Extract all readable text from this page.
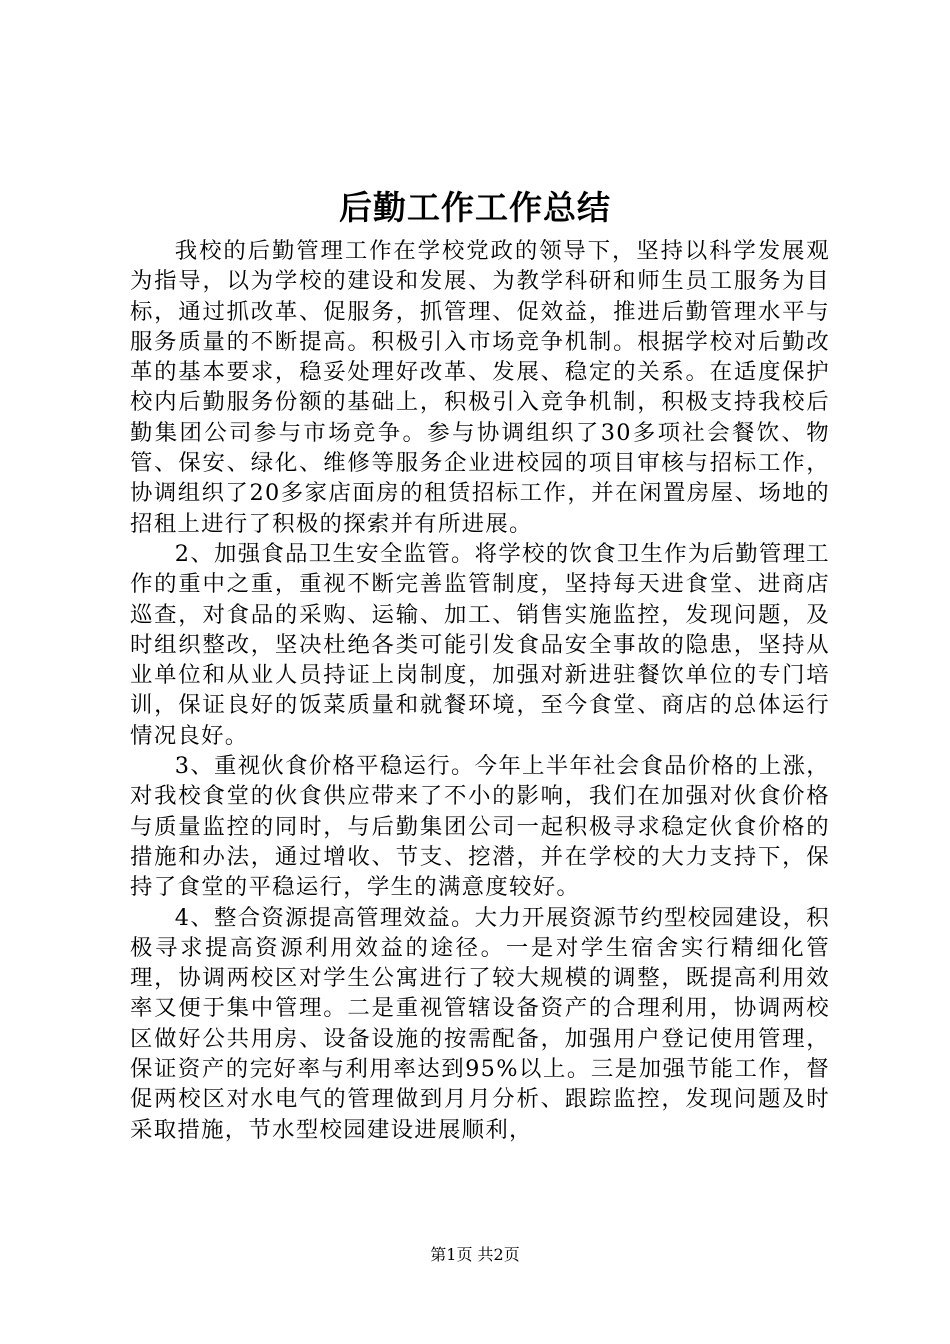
后勤工作工作总结

我校的后勤管理工作在学校党政的领导下，坚持以科学发展观为指导，以为学校的建设和发展、为教学科研和师生员工服务为目标，通过抓改革、促服务，抓管理、促效益，推进后勤管理水平与服务质量的不断提高。积极引入市场竞争机制。根据学校对后勤改革的基本要求，稳妥处理好改革、发展、稳定的关系。在适度保护校内后勤服务份额的基础上，积极引入竞争机制，积极支持我校后勤集团公司参与市场竞争。参与协调组织了30多项社会餐饮、物管、保安、绿化、维修等服务企业进校园的项目审核与招标工作，协调组织了20多家店面房的租赁招标工作，并在闲置房屋、场地的招租上进行了积极的探索并有所进展。

2、加强食品卫生安全监管。将学校的饮食卫生作为后勤管理工作的重中之重，重视不断完善监管制度，坚持每天进食堂、进商店巡查，对食品的采购、运输、加工、销售实施监控，发现问题，及时组织整改，坚决杜绝各类可能引发食品安全事故的隐患，坚持从业单位和从业人员持证上岗制度，加强对新进驻餐饮单位的专门培训，保证良好的饭菜质量和就餐环境，至今食堂、商店的总体运行情况良好。

3、重视伙食价格平稳运行。今年上半年社会食品价格的上涨，对我校食堂的伙食供应带来了不小的影响，我们在加强对伙食价格与质量监控的同时，与后勤集团公司一起积极寻求稳定伙食价格的措施和办法，通过增收、节支、挖潜，并在学校的大力支持下，保持了食堂的平稳运行，学生的满意度较好。

4、整合资源提高管理效益。大力开展资源节约型校园建设，积极寻求提高资源利用效益的途径。一是对学生宿舍实行精细化管理，协调两校区对学生公寓进行了较大规模的调整，既提高利用效率又便于集中管理。二是重视管辖设备资产的合理利用，协调两校区做好公共用房、设备设施的按需配备，加强用户登记使用管理，保证资产的完好率与利用率达到95%以上。三是加强节能工作，督促两校区对水电气的管理做到月月分析、跟踪监控，发现问题及时采取措施，节水型校园建设进展顺利，

第1页 共2页
